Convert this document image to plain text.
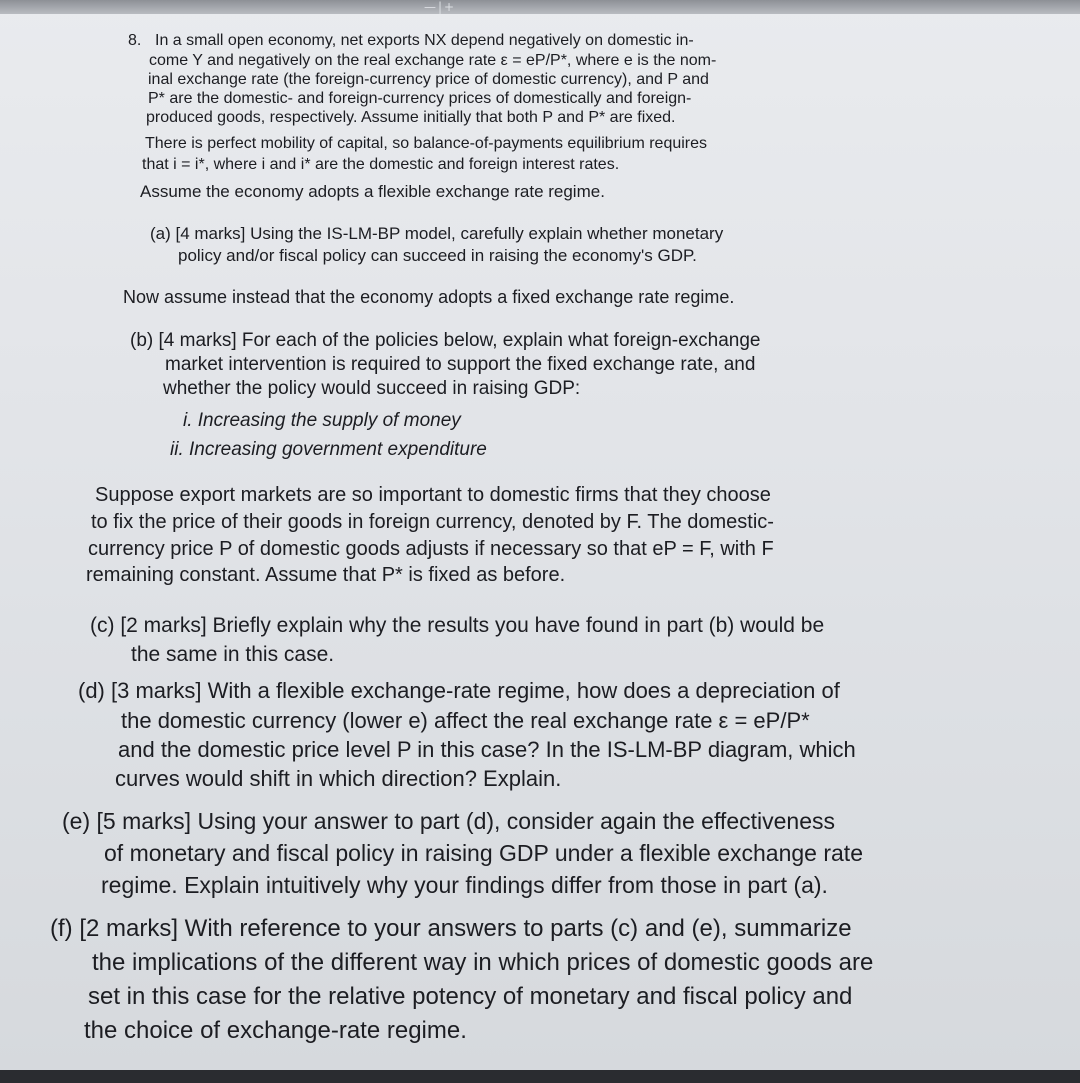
—|+
8. In a small open economy, net exports NX depend negatively on domestic in-
come Y and negatively on the real exchange rate ε = eP/P*, where e is the nom-
inal exchange rate (the foreign-currency price of domestic currency), and P and
P* are the domestic- and foreign-currency prices of domestically and foreign-
produced goods, respectively. Assume initially that both P and P* are fixed.
There is perfect mobility of capital, so balance-of-payments equilibrium requires
that i = i*, where i and i* are the domestic and foreign interest rates.
Assume the economy adopts a flexible exchange rate regime.
(a) [4 marks] Using the IS-LM-BP model, carefully explain whether monetary
policy and/or fiscal policy can succeed in raising the economy's GDP.
Now assume instead that the economy adopts a fixed exchange rate regime.
(b) [4 marks] For each of the policies below, explain what foreign-exchange
market intervention is required to support the fixed exchange rate, and
whether the policy would succeed in raising GDP:
i. Increasing the supply of money
ii. Increasing government expenditure
Suppose export markets are so important to domestic firms that they choose
to fix the price of their goods in foreign currency, denoted by F. The domestic-
currency price P of domestic goods adjusts if necessary so that eP = F, with F
remaining constant. Assume that P* is fixed as before.
(c) [2 marks] Briefly explain why the results you have found in part (b) would be
the same in this case.
(d) [3 marks] With a flexible exchange-rate regime, how does a depreciation of
the domestic currency (lower e) affect the real exchange rate ε = eP/P*
and the domestic price level P in this case? In the IS-LM-BP diagram, which
curves would shift in which direction? Explain.
(e) [5 marks] Using your answer to part (d), consider again the effectiveness
of monetary and fiscal policy in raising GDP under a flexible exchange rate
regime. Explain intuitively why your findings differ from those in part (a).
(f) [2 marks] With reference to your answers to parts (c) and (e), summarize
the implications of the different way in which prices of domestic goods are
set in this case for the relative potency of monetary and fiscal policy and
the choice of exchange-rate regime.
